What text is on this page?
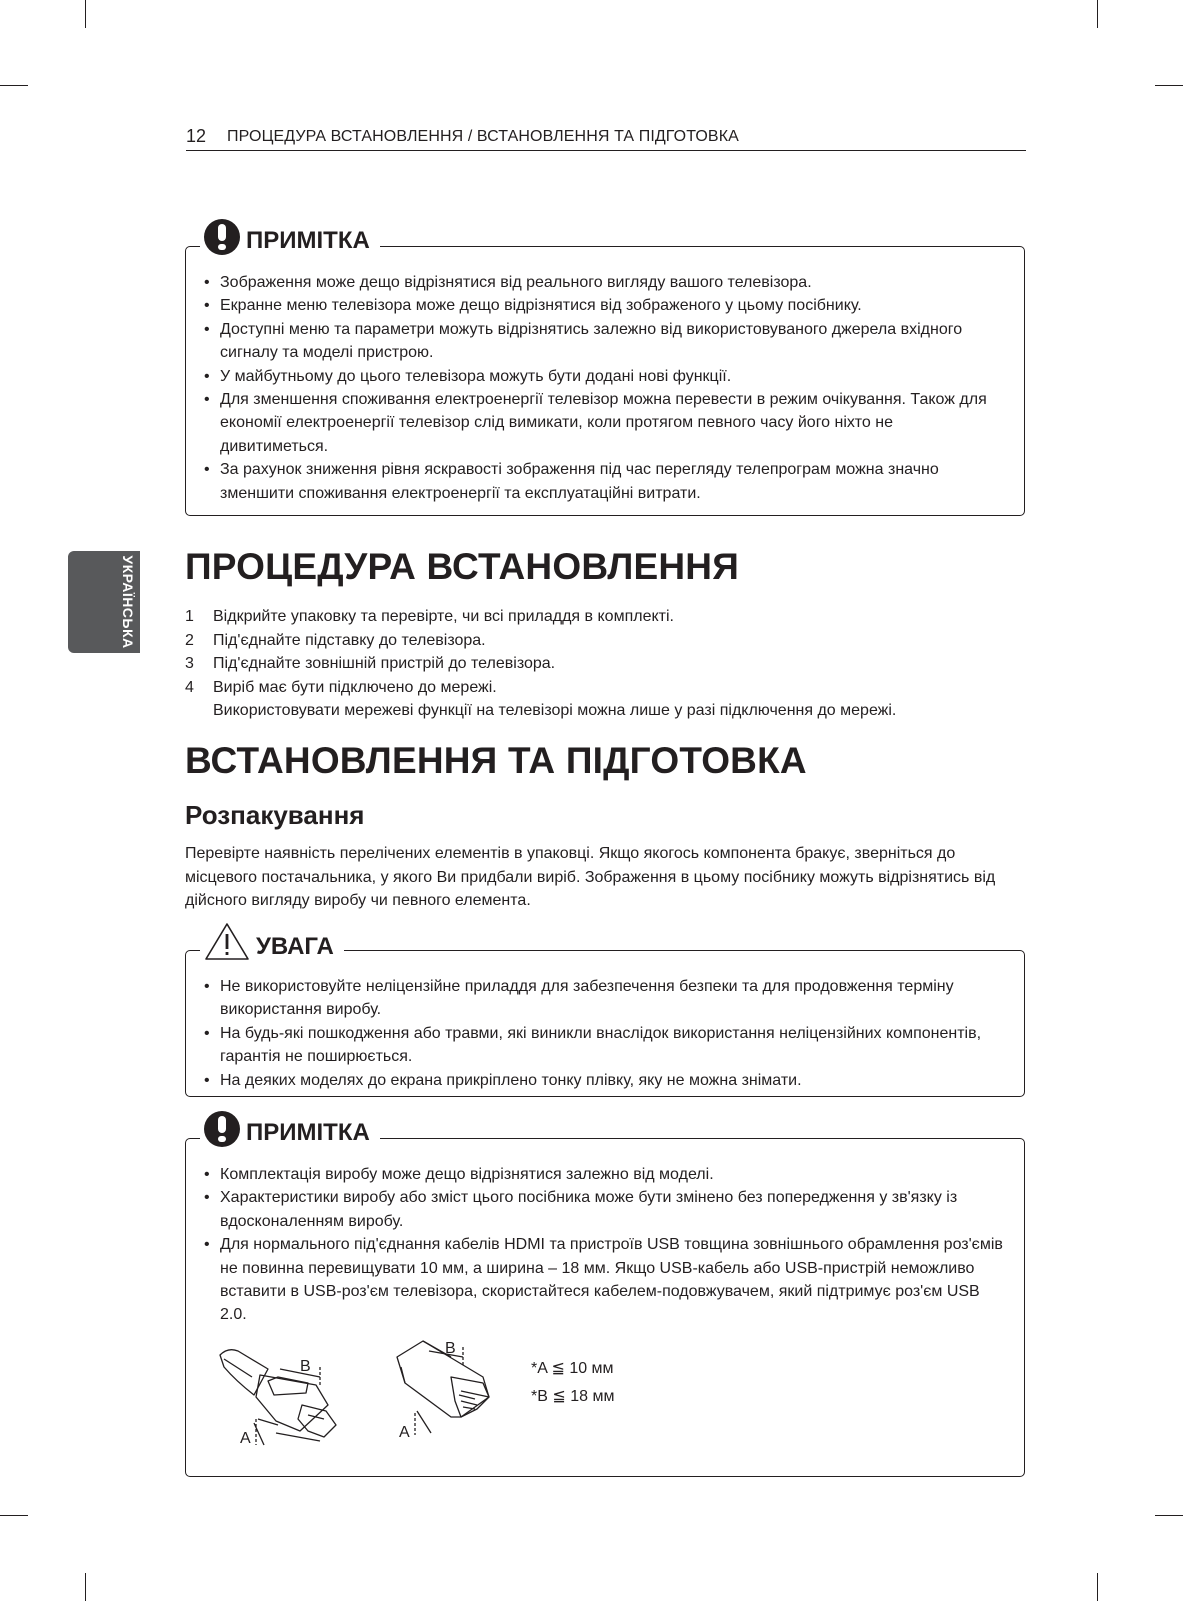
12 ПРОЦЕДУРА ВСТАНОВЛЕННЯ / ВСТАНОВЛЕННЯ ТА ПІДГОТОВКА
УКРАЇНСЬКА
ПРИМІТКА
• Зображення може дещо відрізнятися від реального вигляду вашого телевізора.
• Екранне меню телевізора може дещо відрізнятися від зображеного у цьому посібнику.
• Доступні меню та параметри можуть відрізнятись залежно від використовуваного джерела вхідного сигналу та моделі пристрою.
• У майбутньому до цього телевізора можуть бути додані нові функції.
• Для зменшення споживання електроенергії телевізор можна перевести в режим очікування. Також для економії електроенергії телевізор слід вимикати, коли протягом певного часу його ніхто не дивитиметься.
• За рахунок зниження рівня яскравості зображення під час перегляду телепрограм можна значно зменшити споживання електроенергії та експлуатаційні витрати.
ПРОЦЕДУРА ВСТАНОВЛЕННЯ
1 Відкрийте упаковку та перевірте, чи всі приладдя в комплекті.
2 Під'єднайте підставку до телевізора.
3 Під'єднайте зовнішній пристрій до телевізора.
4 Виріб має бути підключено до мережі.
Використовувати мережеві функції на телевізорі можна лише у разі підключення до мережі.
ВСТАНОВЛЕННЯ ТА ПІДГОТОВКА
Розпакування

Перевірте наявність перелічених елементів в упаковці. Якщо якогось компонента бракує, зверніться до місцевого постачальника, у якого Ви придбали виріб. Зображення в цьому посібнику можуть відрізнятись від дійсного вигляду виробу чи певного елемента.

УВАГА
• Не використовуйте неліцензійне приладдя для забезпечення безпеки та для продовження терміну використання виробу.
• На будь-які пошкодження або травми, які виникли внаслідок використання неліцензійних компонентів, гарантія не поширюється.
• На деяких моделях до екрана прикріплено тонку плівку, яку не можна знімати.
ПРИМІТКА
• Комплектація виробу може дещо відрізнятися залежно від моделі.
• Характеристики виробу або зміст цього посібника може бути змінено без попередження у зв'язку із вдосконаленням виробу.
• Для нормального під'єднання кабелів HDMI та пристроїв USB товщина зовнішнього обрамлення роз'ємів не повинна перевищувати 10 мм, а ширина – 18 мм. Якщо USB-кабель або USB-пристрій неможливо вставити в USB-роз'єм телевізора, скористайтеся кабелем-подовжувачем, який підтримує роз'єм USB 2.0.
B
A
B
A
*A ≦ 10 мм
*B ≦ 18 мм
